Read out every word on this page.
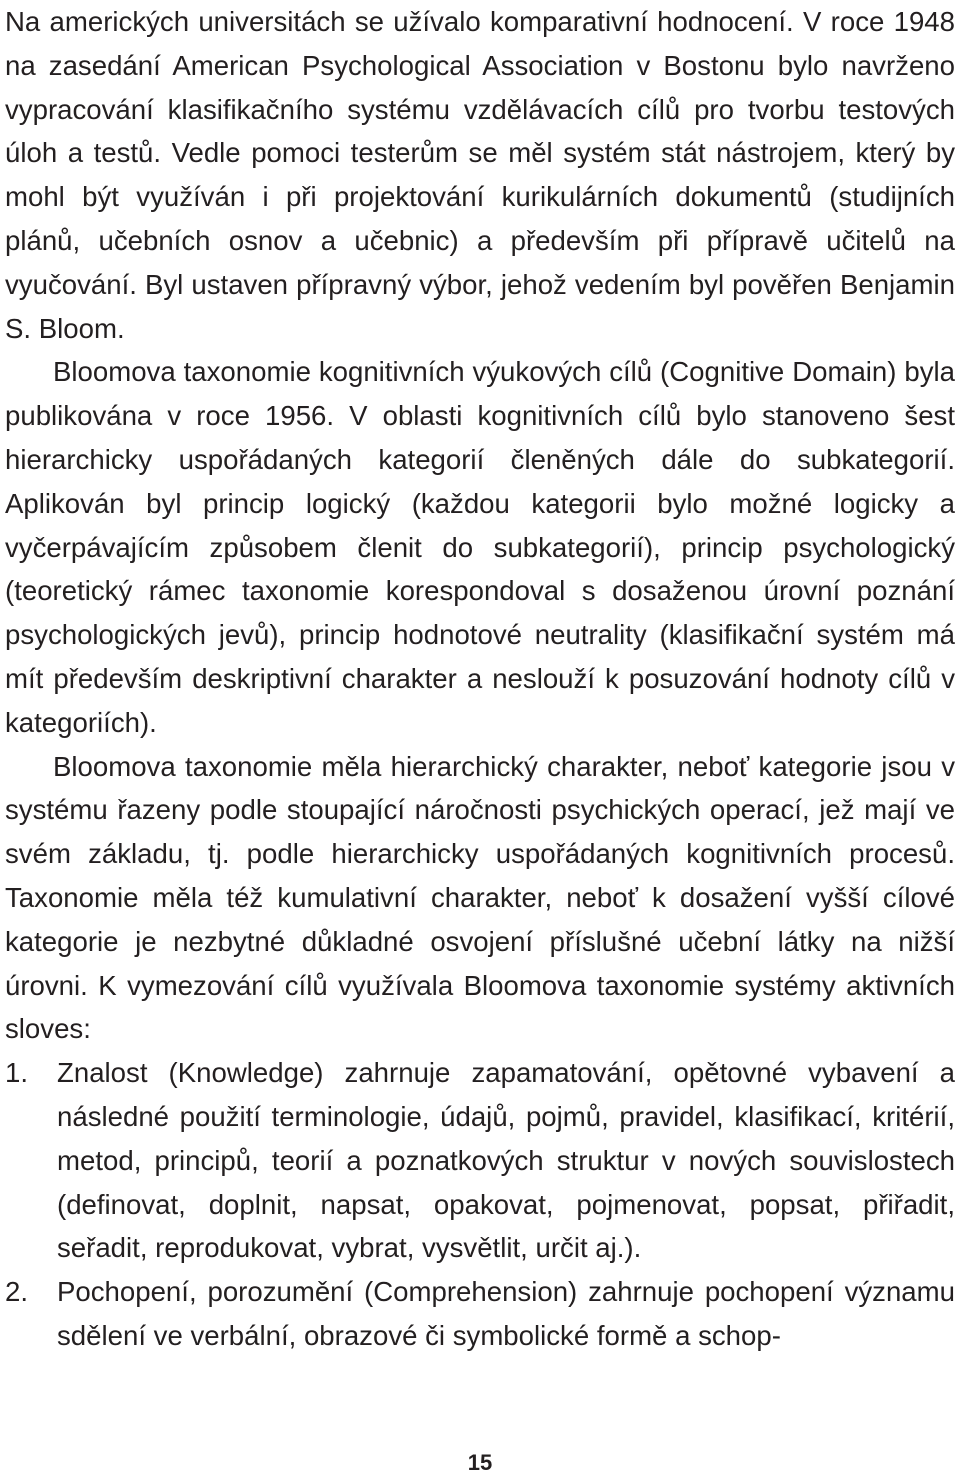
Na amerických universitách se užívalo komparativní hodnocení. V roce 1948 na zasedání American Psychological Association v Bostonu bylo navrženo vypracování klasifikačního systému vzdělávacích cílů pro tvorbu testových úloh a testů. Vedle pomoci testerům se měl systém stát nástrojem, který by mohl být využíván i při projektování kurikulárních dokumentů (studijních plánů, učebních osnov a učebnic) a především při přípravě učitelů na vyučování. Byl ustaven přípravný výbor, jehož vedením byl pověřen Benjamin S. Bloom.

Bloomova taxonomie kognitivních výukových cílů (Cognitive Domain) byla publikována v roce 1956. V oblasti kognitivních cílů bylo stanoveno šest hierarchicky uspořádaných kategorií členěných dále do subkategorií. Aplikován byl princip logický (každou kategorii bylo možné logicky a vyčerpávajícím způsobem členit do subkategorií), princip psychologický (teoretický rámec taxonomie korespondoval s dosaženou úrovní poznání psychologických jevů), princip hodnotové neutrality (klasifikační systém má mít především deskriptivní charakter a neslouží k posuzování hodnoty cílů v kategoriích).

Bloomova taxonomie měla hierarchický charakter, neboť kategorie jsou v systému řazeny podle stoupající náročnosti psychických operací, jež mají ve svém základu, tj. podle hierarchicky uspořádaných kognitivních procesů. Taxonomie měla též kumulativní charakter, neboť k dosažení vyšší cílové kategorie je nezbytné důkladné osvojení příslušné učební látky na nižší úrovni. K vymezování cílů využívala Bloomova taxonomie systémy aktivních sloves:

1. Znalost (Knowledge) zahrnuje zapamatování, opětovné vybavení a následné použití terminologie, údajů, pojmů, pravidel, klasifikací, kritérií, metod, principů, teorií a poznatkových struktur v nových souvislostech (definovat, doplnit, napsat, opakovat, pojmenovat, popsat, přiřadit, seřadit, reprodukovat, vybrat, vysvětlit, určit aj.).
2. Pochopení, porozumění (Comprehension) zahrnuje pochopení významu sdělení ve verbální, obrazové či symbolické formě a schop-
15
